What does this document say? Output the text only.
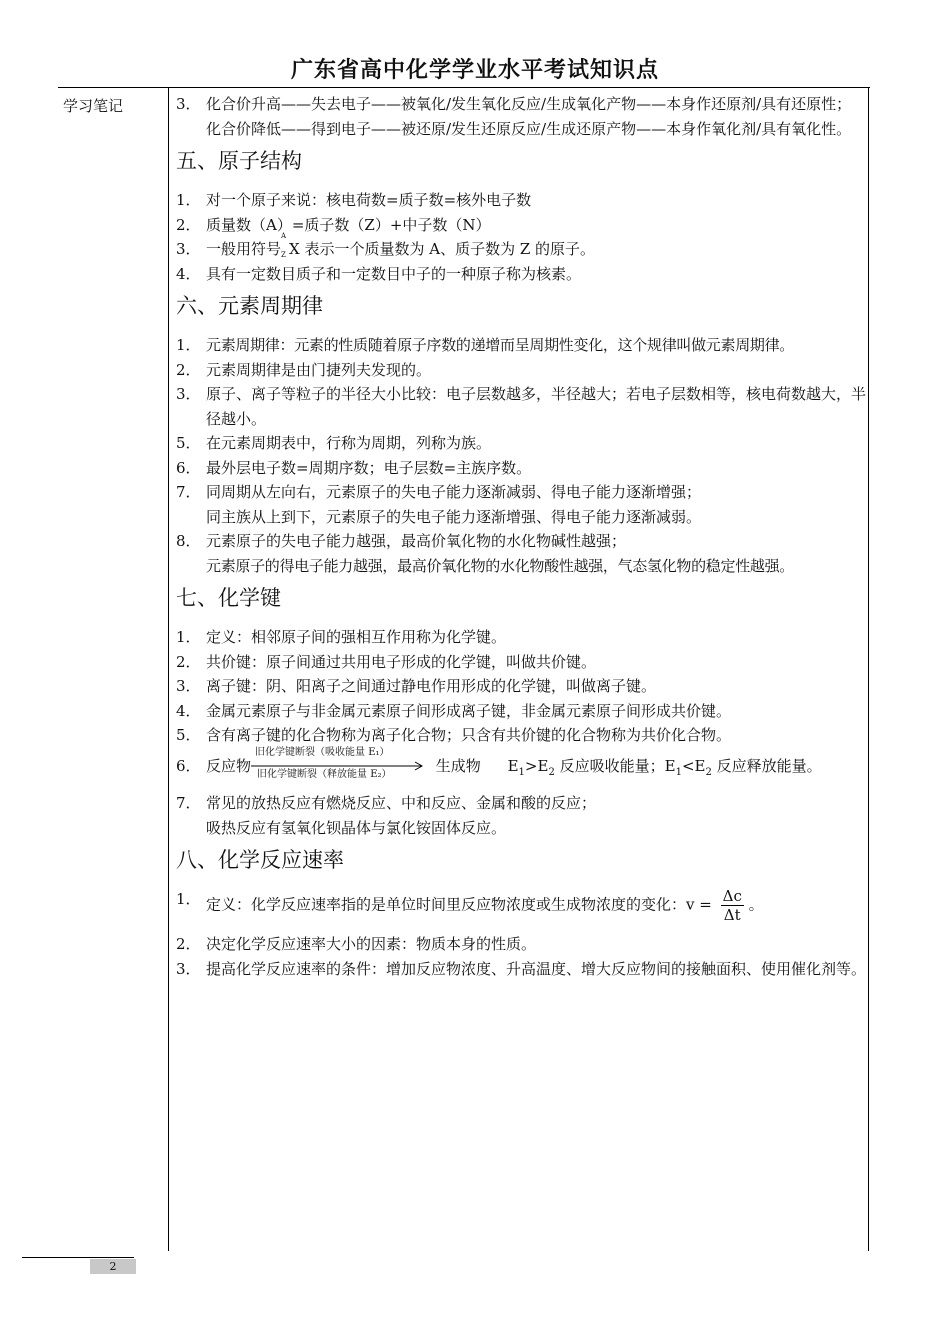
广东省高中化学学业水平考试知识点
学习笔记	3． 化合价升高——失去电子——被氧化/发生氧化反应/生成氧化产物——本身作还原剂/具有还原性；
化合价降低——得到电子——被还原/发生还原反应/生成还原产物——本身作氧化剂/具有氧化性。
五、原子结构
1． 对一个原子来说：核电荷数=质子数=核外电子数
2． 质量数（A）=质子数（Z）+中子数（N）
3． 一般用符号
A
Z X 表示一个质量数为 A、质子数为 Z 的原子。
4． 具有一定数目质子和一定数目中子的一种原子称为核素。
六、元素周期律
1． 元素周期律：元素的性质随着原子序数的递增而呈周期性变化，这个规律叫做元素周期律。
2． 元素周期律是由门捷列夫发现的。
3． 原子、离子等粒子的半径大小比较：电子层数越多，半径越大；若电子层数相等，核电荷数越大，半径越小。
5． 在元素周期表中，行称为周期，列称为族。
6． 最外层电子数=周期序数；电子层数=主族序数。
7． 同周期从左向右，元素原子的失电子能力逐渐减弱、得电子能力逐渐增强；
同主族从上到下，元素原子的失电子能力逐渐增强、得电子能力逐渐减弱。
8． 元素原子的失电子能力越强，最高价氧化物的水化物碱性越强；
元素原子的得电子能力越强，最高价氧化物的水化物酸性越强，气态氢化物的稳定性越强。
七、化学键
1． 定义：相邻原子间的强相互作用称为化学键。
2． 共价键：原子间通过共用电子形成的化学键，叫做共价键。
3． 离子键：阴、阳离子之间通过静电作用形成的化学键，叫做离子键。
4． 金属元素原子与非金属元素原子间形成离子键，非金属元素原子间形成共价键。
5． 含有离子键的化合物称为离子化合物；只含有共价键的化合物称为共价化合物。
6． 反应物
旧化学键断裂（吸收能量 E₁）
旧化学键断裂（释放能量 E₂）	生成物 $E_1>E_2$ 反应吸收能量；$E_1<E_2$ 反应释放能量。
7． 常见的放热反应有燃烧反应、中和反应、金属和酸的反应；
吸热反应有氢氧化钡晶体与氯化铵固体反应。
八、化学反应速率
1． 定义：化学反应速率指的是单位时间里反应物浓度或生成物浓度的变化：$v = \frac{\Delta c}{\Delta t}$ 。
2． 决定化学反应速率大小的因素：物质本身的性质。
3． 提高化学反应速率的条件：增加反应物浓度、升高温度、增大反应物间的接触面积、使用催化剂等。
2
